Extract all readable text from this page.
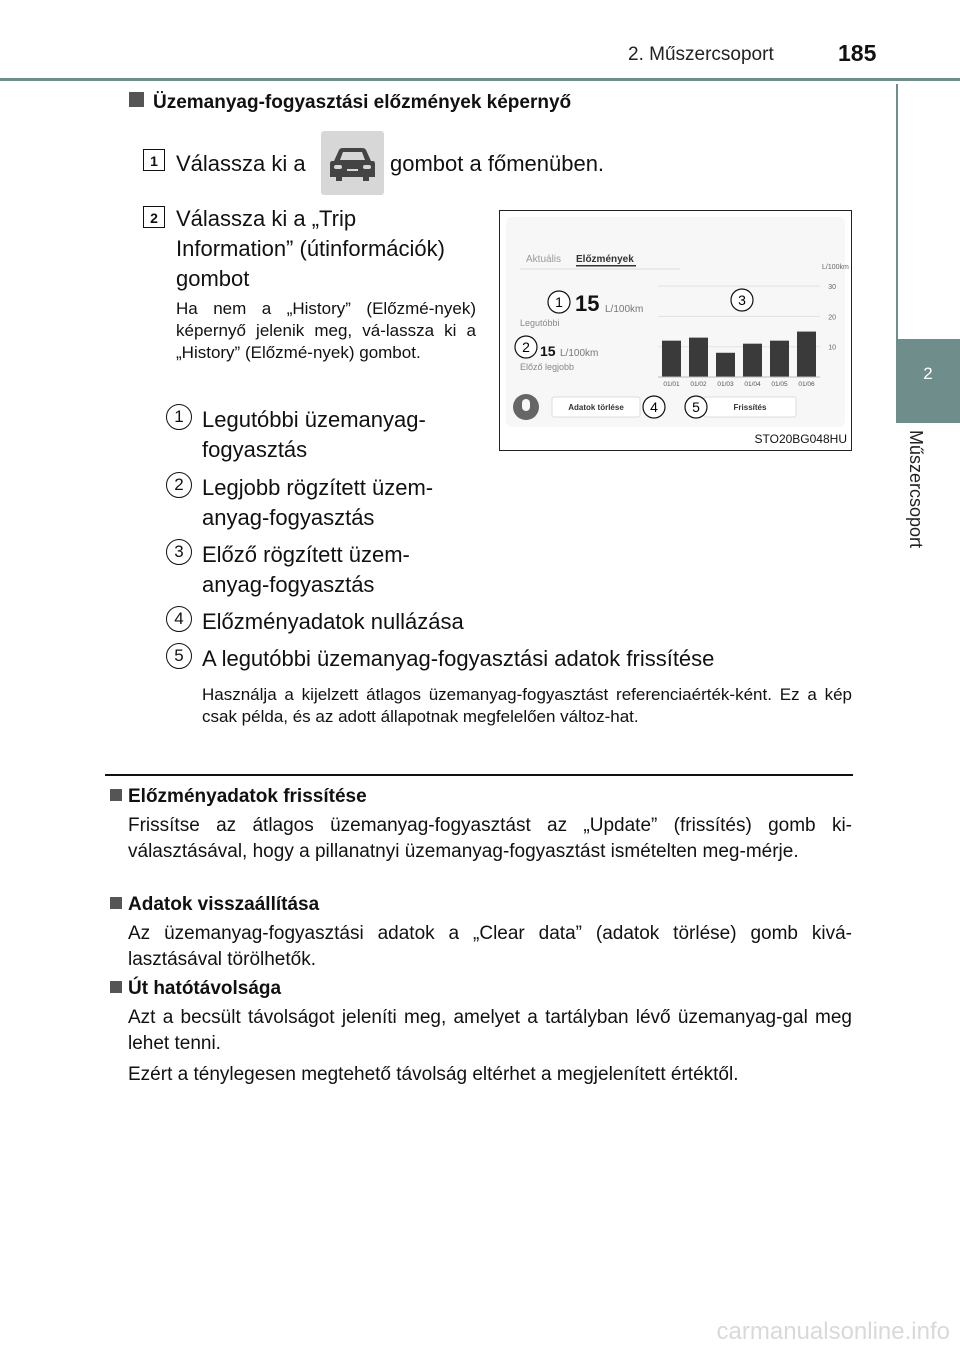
2. Műszercsoport	185
2
Műszercsoport
Üzemanyag-fogyasztási előzmények képernyő
1 Válassza ki a	gombot a főmenüben.
2 Válassza ki a „Trip
Information” (útinformációk)
gombot
Ha nem a „History” (Előzmé-nyek) képernyő jelenik meg, vá-lassza ki a „History” (Előzmé-nyek) gombot.
Aktuális Előzmények
15 L/100km
Legutóbbi
15 L/100km
Előző legjobb
L/100km
30
20
10
01/01 01/02 01/03 01/04 01/05 01/06
Adatok törlése	Frissítés
1
2
3
4 5
STO20BG048HU
1 Legutóbbi üzemanyag-
fogyasztás
2 Legjobb rögzített üzem-
anyag-fogyasztás
3 Előző rögzített üzem-
anyag-fogyasztás
4 Előzményadatok nullázása
5 A legutóbbi üzemanyag-fogyasztási adatok frissítése
Használja a kijelzett átlagos üzemanyag-fogyasztást referenciaérték-ként. Ez a kép csak példa, és az adott állapotnak megfelelően változ-hat.
Előzményadatok frissítése
Frissítse az átlagos üzemanyag-fogyasztást az „Update” (frissítés) gomb ki-választásával, hogy a pillanatnyi üzemanyag-fogyasztást ismételten meg-mérje.
Adatok visszaállítása
Az üzemanyag-fogyasztási adatok a „Clear data” (adatok törlése) gomb kivá-lasztásával törölhetők.
Út hatótávolsága
Azt a becsült távolságot jeleníti meg, amelyet a tartályban lévő üzemanyag-gal meg lehet tenni.
Ezért a ténylegesen megtehető távolság eltérhet a megjelenített értéktől.
carmanualsonline.info
